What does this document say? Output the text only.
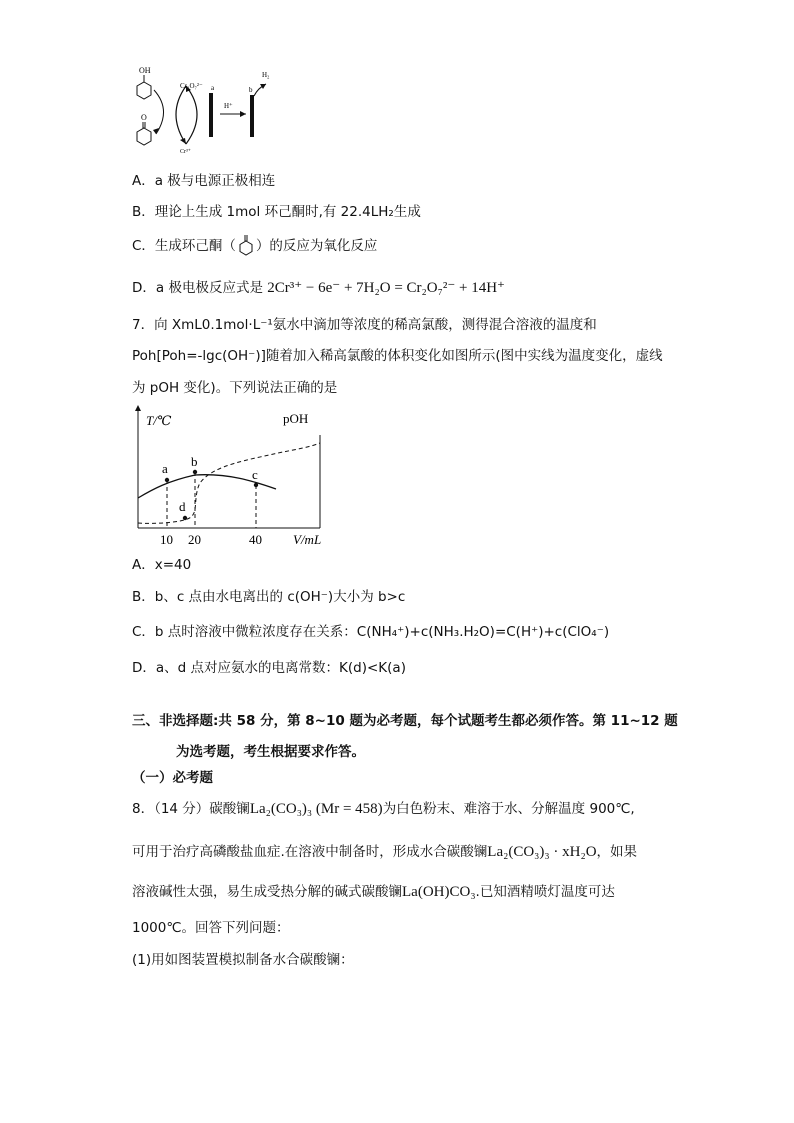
OH
O
Cr₂O₇²⁻
Cr³⁺
a
H⁺
b
H₂
A．a 极与电源正极相连
B．理论上生成 1mol 环己酮时,有 22.4LH₂生成
C．生成环己酮（ ）的反应为氧化反应
D．a 极电极反应式是 2Cr³⁺ − 6e⁻ + 7H₂O = Cr₂O₇²⁻ + 14H⁺
7．向 XmL0.1mol·L⁻¹氨水中滴加等浓度的稀高氯酸，测得混合溶液的温度和
Poh[Poh=-lgc(OH⁻)]随着加入稀高氯酸的体积变化如图所示(图中实线为温度变化，虚线
为 pOH 变化)。下列说法正确的是
T/℃	pOH
V/mL
a b
c
d
10 20	40
A．x=40
B．b、c 点由水电离出的 c(OH⁻)大小为 b>c
C．b 点时溶液中微粒浓度存在关系：C(NH₄⁺)+c(NH₃.H₂O)=C(H⁺)+c(ClO₄⁻)
D．a、d 点对应氨水的电离常数：K(d)<K(a)
三、非选择题:共 58 分，第 8~10 题为必考题，每个试题考生都必须作答。第 11~12 题
为选考题，考生根据要求作答。
（一）必考题
8．（14 分）碳酸镧La₂(CO₃)₃ (Mr = 458)为白色粉末、难溶于水、分解温度 900℃,
可用于治疗高磷酸盐血症.在溶液中制备时，形成水合碳酸镧La₂(CO₃)₃ · xH₂O，如果
溶液碱性太强，易生成受热分解的碱式碳酸镧La(OH)CO₃.已知酒精喷灯温度可达
1000℃。回答下列问题：
(1)用如图装置模拟制备水合碳酸镧：
